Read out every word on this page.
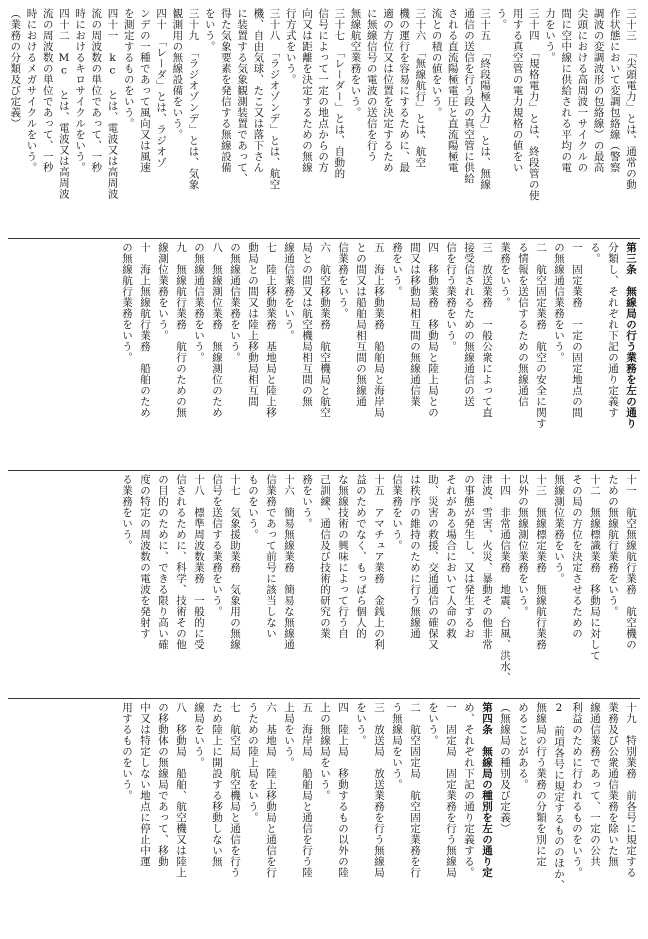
三十三　「尖頭電力」とは、通常の動
作状態において変調包絡線（警察
調波の変調波形の包絡線）の最高
尖頭における高周波一サイクルの
間に空中線に供給される平均の電
力をいう。
三十四　「規格電力」とは、終段管の使
用する真空管の電力規格の値をい
う。
三十五　「終段陽極入力」とは、無線
通信の送信を行う段の真空管に供給
される直流陽極電圧と直流陽極電
流との積の値をいう。
三十六　「無線航行」とは、航空
機の運行を容易にするために、最
適の方位又は位置を決定するため
に無線信号の電波の送信を行う
無線航空業務をいう。
三十七　「レーダー」とは、自動的
信号によって一定の地点からの方
向又は距離を決定するための無線
行方式をいう。
三十八　「ラジオゾンデ」とは、航空
機、自由気球、たこ又は落下さん
に装置する気象観測装置であって、
得た気象要素を発信する無線設備
をいう。
三十九　「ラジオゾンデ」とは、気象
観測用の無線設備をいう。
四十　「レーダ」とは、ラジオゾ
ンデの一種であって風向又は風速
を測定するものをいう。
四十一　kc とは、電波又は高周波
流の周波数の単位であって、一秒
時におけるキロサイクルをいう。
四十二　Mc とは、電波又は高周波
流の周波数の単位であって、一秒
時におけるメガサイクルをいう。
（業務の分類及び定義）
第三条　無線局の行う業務を左の通り
分類し、それぞれ下記の通り定義す
る。
一　固定業務　一定の固定地点の間
の無線通信業務をいう。
二　航空固定業務　航空の安全に関す
る情報を送信するための無線通信
業務をいう。
三　放送業務　一般公衆によって直
接受信されるための無線通信の送
信を行う業務をいう。
四　移動業務　移動局と陸上局との
間又は移動局相互間の無線通信業
務をいう。
五　海上移動業務　船舶局と海岸局
との間又は船舶局相互間の無線通
信業務をいう。
六　航空移動業務　航空機局と航空
局との間又は航空機局相互間の無
線通信業務をいう。
七　陸上移動業務　基地局と陸上移
動局との間又は陸上移動局相互間
の無線通信業務をいう。
八　無線測位業務　無線測位のため
の無線通信業務をいう。
九　無線航行業務　航行のための無
線測位業務をいう。
十　海上無線航行業務　船舶のため
の無線航行業務をいう。
十一　航空無線航行業務　航空機の
ための無線航行業務をいう。
十二　無線標識業務　移動局に対して
その局の方位を決定させるための
無線測位業務をいう。
十三　無線標定業務　無線航行業務
以外の無線測位業務をいう。
十四　非常通信業務　地震、台風、洪水、
津波、雪害、火災、暴動その他非常
の事態が発生し、又は発生するお
それがある場合において人命の救
助、災害の救援、交通通信の確保又
は秩序の維持のために行う無線通
信業務をいう。
十五　アマチュア業務　金銭上の利
益のためでなく、もっぱら個人的
な無線技術の興味によって行う自
己訓練、通信及び技術的研究の業
務をいう。
十六　簡易無線業務　簡易な無線通
信業務であって前号に該当しない
ものをいう。
十七　気象援助業務　気象用の無線
信号を送信する業務をいう。
十八　標準周波数業務　一般的に受
信されるために、科学、技術その他
の目的のために、できる限り高い確
度の特定の周波数の電波を発射す
る業務をいう。
十九　特別業務　前各号に規定する
業務及び公衆通信業務を除いた無
線通信業務であって、一定の公共
利益のために行われるものをいう。
2　前項各号に規定するもののほか、
無線局の行う業務の分類を別に定
めることがある。
（無線局の種別及び定義）
第四条　無線局の種別を左の通り定
め、それぞれ下記の通り定義する。
一　固定局　固定業務を行う無線局
をいう。
二　航空固定局　航空固定業務を行
う無線局をいう。
三　放送局　放送業務を行う無線局
をいう。
四　陸上局　移動するもの以外の陸
上の無線局をいう。
五　海岸局　船舶局と通信を行う陸
上局をいう。
六　基地局　陸上移動局と通信を行
うための陸上局をいう。
七　航空局　航空機局と通信を行う
ため陸上に開設する移動しない無
線局をいう。
八　移動局　船舶、航空機又は陸上
の移動体の無線局であって、移動
中又は特定しない地点に停止中運
用するものをいう。
